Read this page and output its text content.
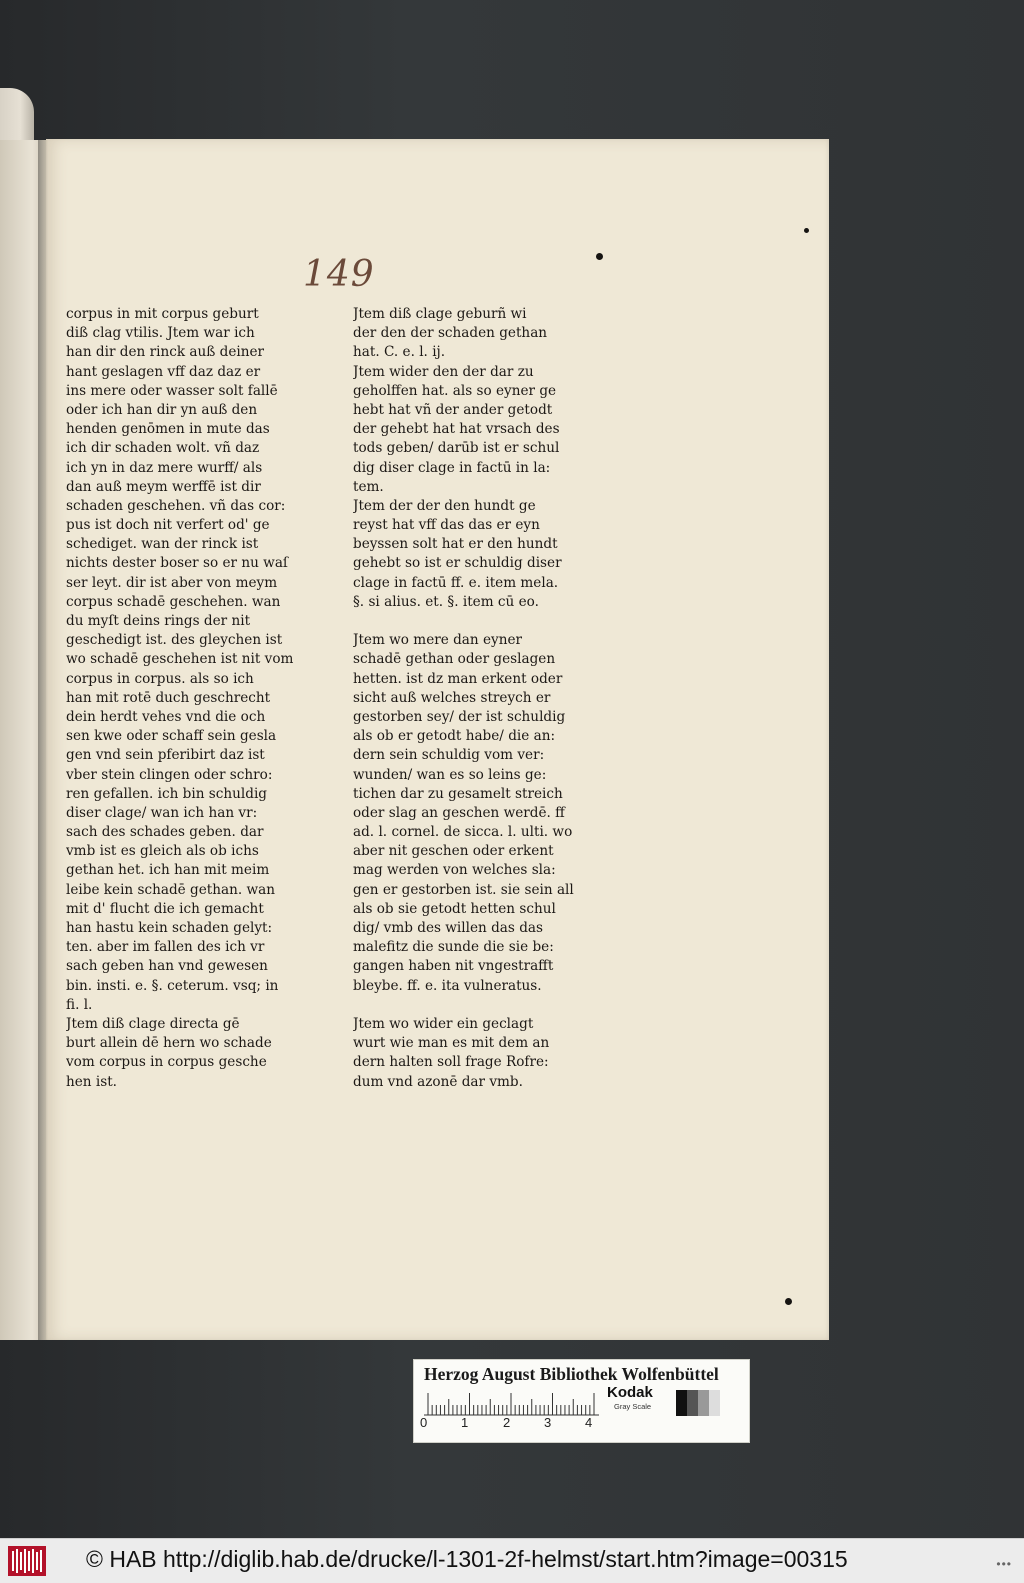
149
corpus in mit corpus geburt
diß clag vtilis. Jtem war ich
han dir den rinck auß deiner
hant geslagen vff daz daz er
ins mere oder wasser solt fallē
oder ich han dir yn auß den
henden genōmen in mute das
ich dir schaden wolt. vñ daz
ich yn in daz mere wurff/ als
dan auß meym werffē ist dir
schaden geschehen. vñ das cor:
pus ist doch nit verfert od' ge
schediget. wan der rinck ist
nichts dester boser so er nu waſ
ser leyt. dir ist aber von meym
corpus schadē geschehen. wan
du myſt deins rings der nit
geschedigt ist. des gleychen ist
wo schadē geschehen ist nit vom
corpus in corpus. als so ich
han mit rotē duch geschrecht
dein herdt vehes vnd die och
sen kwe oder schaff sein gesla
gen vnd sein pferibirt daz ist
vber stein clingen oder schro:
ren gefallen. ich bin schuldig
diser clage/ wan ich han vr:
sach des schades geben. dar
vmb ist es gleich als ob ichs
gethan het. ich han mit meim
leibe kein schadē gethan. wan
mit d' flucht die ich gemacht
han hastu kein schaden gelyt:
ten. aber im fallen des ich vr
sach geben han vnd gewesen
bin. insti. e. §. ceterum. vsq; in
fi. l.
Jtem diß clage directa gē
burt allein dē hern wo schade
vom corpus in corpus gesche
hen ist.
Jtem diß clage geburñ wi
der den der schaden gethan
hat. C. e. l. ij.
Jtem wider den der dar zu
geholffen hat. als so eyner ge
hebt hat vñ der ander getodt
der gehebt hat hat vrsach des
tods geben/ darūb ist er schul
dig diser clage in factū in la:
tem.
Jtem der der den hundt ge
reyst hat vff das das er eyn
beyssen solt hat er den hundt
gehebt so ist er schuldig diser
clage in factū ff. e. item mela.
§. si alius. et. §. item cū eo.
Jtem wo mere dan eyner
schadē gethan oder geslagen
hetten. ist dz man erkent oder
sicht auß welches streych er
gestorben sey/ der ist schuldig
als ob er getodt habe/ die an:
dern sein schuldig vom ver:
wunden/ wan es so leins ge:
tichen dar zu gesamelt streich
oder slag an geschen werdē. ff
ad. l. cornel. de sicca. l. ulti. wo
aber nit geschen oder erkent
mag werden von welches sla:
gen er gestorben ist. sie sein all
als ob sie getodt hetten schul
dig/ vmb des willen das das
malefitz die sunde die sie be:
gangen haben nit vngestrafft
bleybe. ff. e. ita vulneratus.
Jtem wo wider ein geclagt
wurt wie man es mit dem an
dern halten soll frage Rofre:
dum vnd azonē dar vmb.
Herzog August Bibliothek Wolfenbüttel
0	1	2	3	4
Kodak
Gray Scale
© HAB http://diglib.hab.de/drucke/l-1301-2f-helmst/start.htm?image=00315	•••
